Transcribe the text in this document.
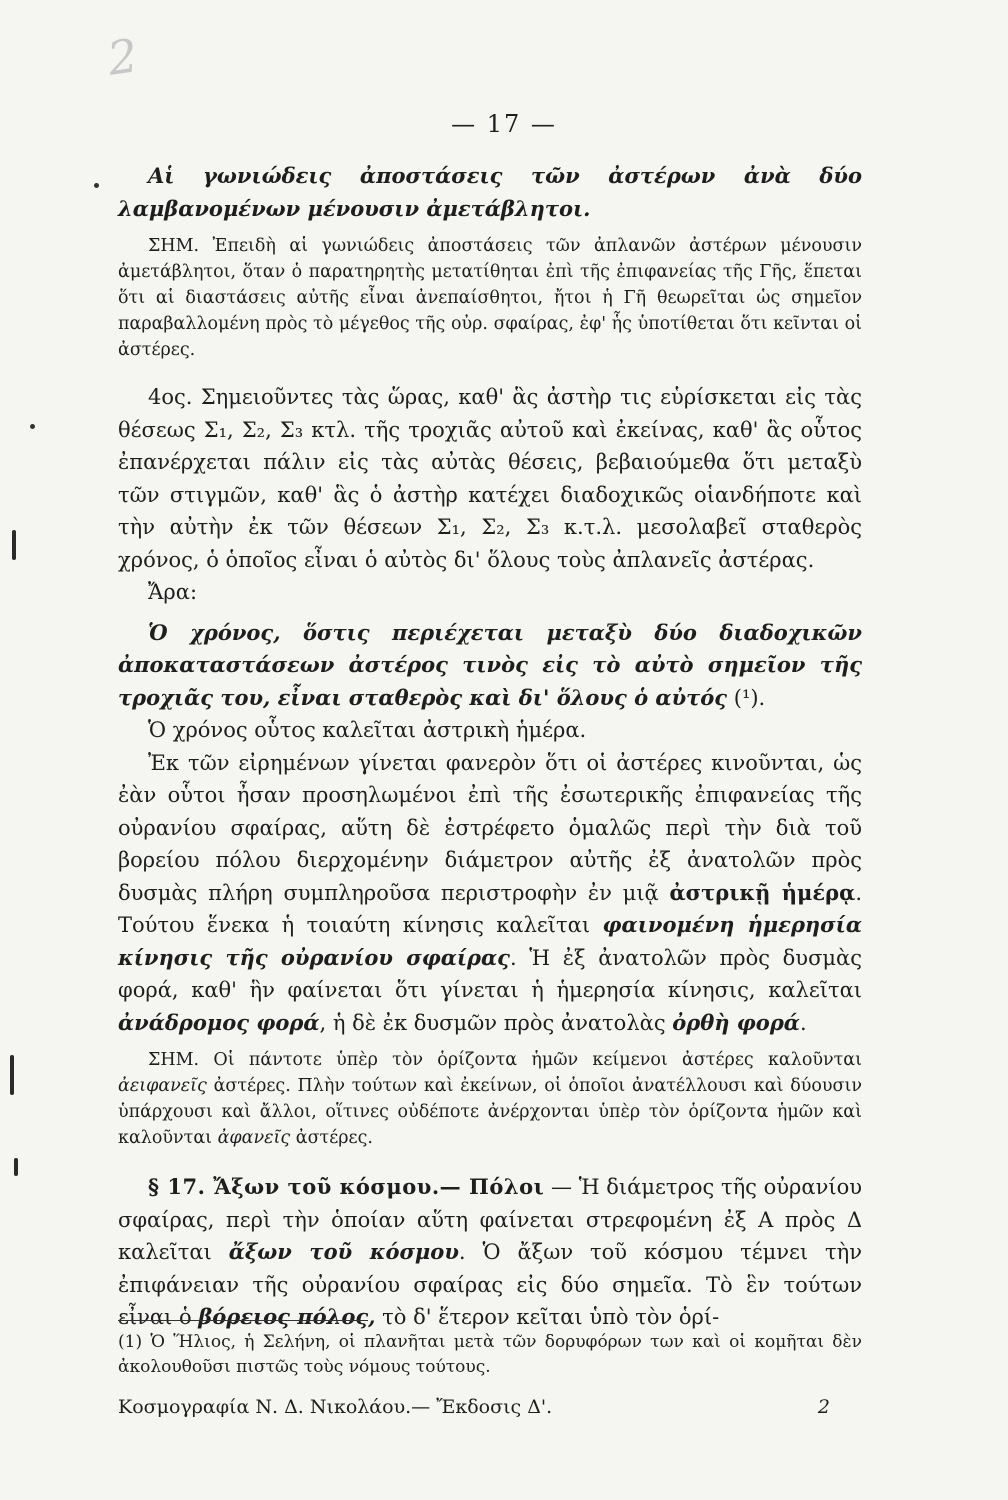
2
— 17 —

Αἱ γωνιώδεις ἀποστάσεις τῶν ἀστέρων ἀνὰ δύο λαμβανομένων μένουσιν ἀμετάβλητοι.

ΣΗΜ. Ἐπειδὴ αἱ γωνιώδεις ἀποστάσεις τῶν ἀπλανῶν ἀστέρων μένουσιν ἀμετάβλητοι, ὅταν ὁ παρατηρητὴς μετατίθηται ἐπὶ τῆς ἐπιφανείας τῆς Γῆς, ἕπεται ὅτι αἱ διαστάσεις αὐτῆς εἶναι ἀνεπαίσθητοι, ἤτοι ἡ Γῆ θεωρεῖται ὡς σημεῖον παραβαλλομένη πρὸς τὸ μέγεθος τῆς οὐρ. σφαίρας, ἐφ' ἧς ὑποτίθεται ὅτι κεῖνται οἱ ἀστέρες.

4ος. Σημειοῦντες τὰς ὥρας, καθ' ἃς ἀστὴρ τις εὑρίσκεται εἰς τὰς θέσεως Σ₁, Σ₂, Σ₃ κτλ. τῆς τροχιᾶς αὐτοῦ καὶ ἐκείνας, καθ' ἃς οὗτος ἐπανέρχεται πάλιν εἰς τὰς αὐτὰς θέσεις, βεβαιούμεθα ὅτι μεταξὺ τῶν στιγμῶν, καθ' ἃς ὁ ἀστὴρ κατέχει διαδοχικῶς οἱανδήποτε καὶ τὴν αὐτὴν ἐκ τῶν θέσεων Σ₁, Σ₂, Σ₃ κ.τ.λ. μεσολαβεῖ σταθερὸς χρόνος, ὁ ὁποῖος εἶναι ὁ αὐτὸς δι' ὅλους τοὺς ἀπλανεῖς ἀστέρας.

Ἄρα:

Ὁ χρόνος, ὅστις περιέχεται μεταξὺ δύο διαδοχικῶν ἀποκαταστάσεων ἀστέρος τινὸς εἰς τὸ αὐτὸ σημεῖον τῆς τροχιᾶς του, εἶναι σταθερὸς καὶ δι' ὅλους ὁ αὐτός (¹).

Ὁ χρόνος οὗτος καλεῖται ἀστρικὴ ἡμέρα.

Ἐκ τῶν εἰρημένων γίνεται φανερὸν ὅτι οἱ ἀστέρες κινοῦνται, ὡς ἐὰν οὗτοι ἦσαν προσηλωμένοι ἐπὶ τῆς ἐσωτερικῆς ἐπιφανείας τῆς οὐρανίου σφαίρας, αὕτη δὲ ἐστρέφετο ὁμαλῶς περὶ τὴν διὰ τοῦ βορείου πόλου διερχομένην διάμετρον αὐτῆς ἐξ ἀνατολῶν πρὸς δυσμὰς πλήρη συμπληροῦσα περιστροφὴν ἐν μιᾷ ἀστρικῇ ἡμέρᾳ. Τούτου ἕνεκα ἡ τοιαύτη κίνησις καλεῖται φαινομένη ἡμερησία κίνησις τῆς οὐρανίου σφαίρας. Ἡ ἐξ ἀνατολῶν πρὸς δυσμὰς φορά, καθ' ἣν φαίνεται ὅτι γίνεται ἡ ἡμερησία κίνησις, καλεῖται ἀνάδρομος φορά, ἡ δὲ ἐκ δυσμῶν πρὸς ἀνατολὰς ὀρθὴ φορά.

ΣΗΜ. Οἱ πάντοτε ὑπὲρ τὸν ὁρίζοντα ἡμῶν κείμενοι ἀστέρες καλοῦνται ἀειφανεῖς ἀστέρες. Πλὴν τούτων καὶ ἐκείνων, οἱ ὁποῖοι ἀνατέλλουσι καὶ δύουσιν ὑπάρχουσι καὶ ἄλλοι, οἵτινες οὐδέποτε ἀνέρχονται ὑπὲρ τὸν ὁρίζοντα ἡμῶν καὶ καλοῦνται ἀφανεῖς ἀστέρες.

§ 17. Ἄξων τοῦ κόσμου.— Πόλοι — Ἡ διάμετρος τῆς οὐρανίου σφαίρας, περὶ τὴν ὁποίαν αὕτη φαίνεται στρεφομένη ἐξ Α πρὸς Δ καλεῖται ἄξων τοῦ κόσμου. Ὁ ἄξων τοῦ κόσμου τέμνει τὴν ἐπιφάνειαν τῆς οὐρανίου σφαίρας εἰς δύο σημεῖα. Τὸ ἓν τούτων εἶναι ὁ βόρειος πόλος, τὸ δ' ἕτερον κεῖται ὑπὸ τὸν ὁρί-

(1) Ὁ Ἥλιος, ἡ Σελήνη, οἱ πλανῆται μετὰ τῶν δορυφόρων των καὶ οἱ κομῆται δὲν ἀκολουθοῦσι πιστῶς τοὺς νόμους τούτους.

Κοσμογραφία Ν. Δ. Νικολάου.— Ἔκδοσις Δ'.	2
